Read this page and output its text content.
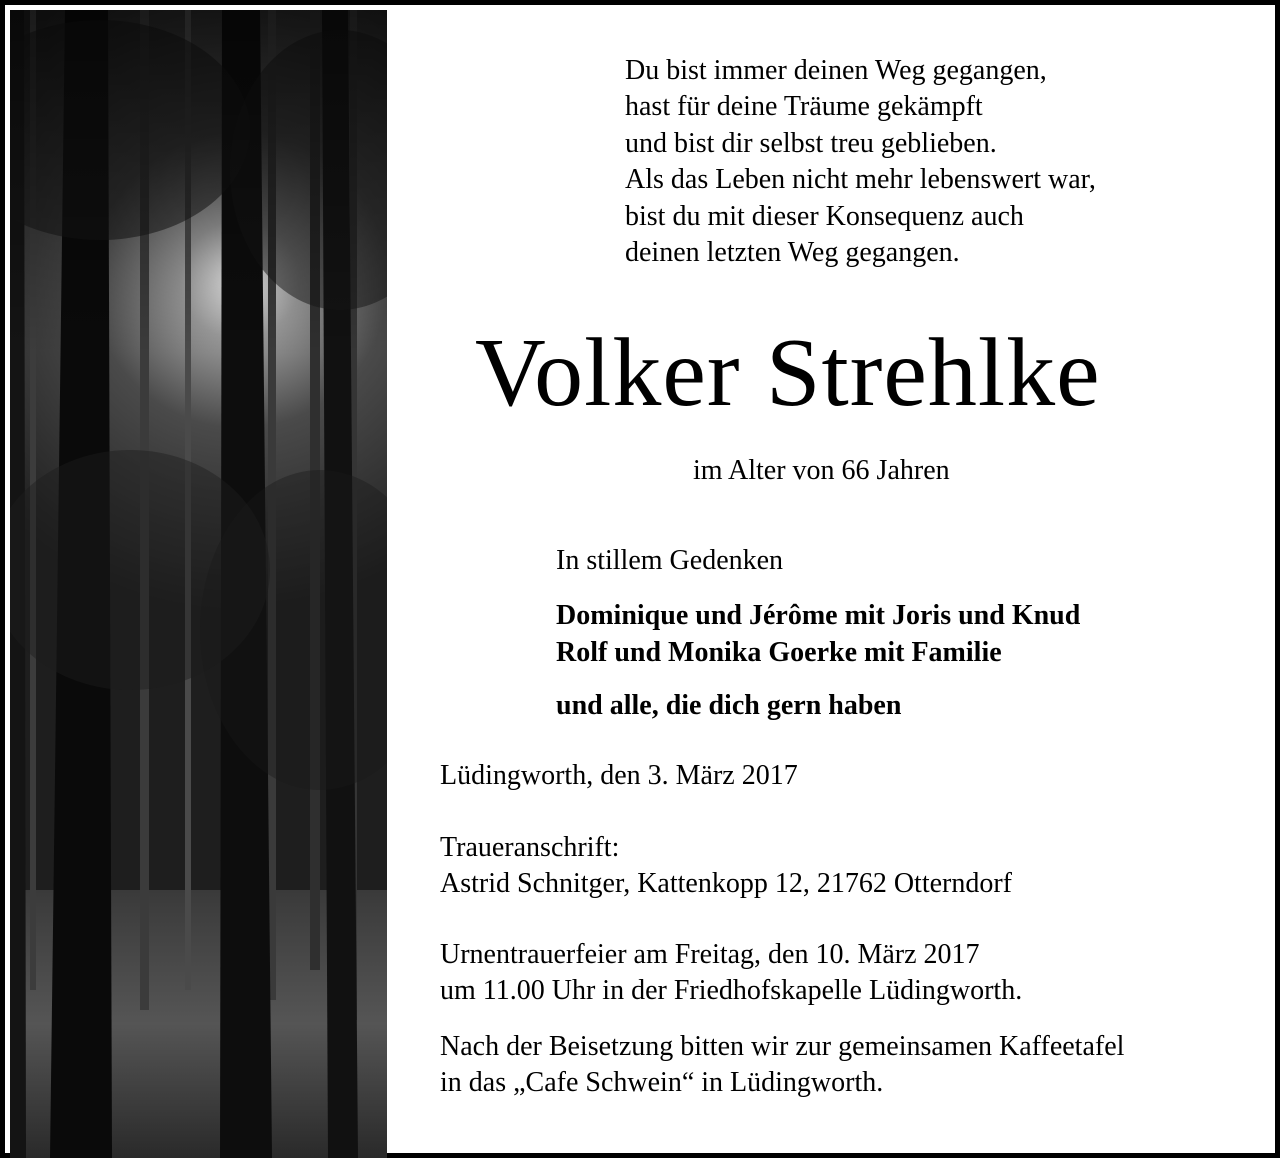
Du bist immer deinen Weg gegangen,
hast für deine Träume gekämpft
und bist dir selbst treu geblieben.
Als das Leben nicht mehr lebenswert war,
bist du mit dieser Konsequenz auch
deinen letzten Weg gegangen.
Volker Strehlke
im Alter von 66 Jahren
In stillem Gedenken
Dominique und Jérôme mit Joris und Knud
Rolf und Monika Goerke mit Familie
und alle, die dich gern haben
Lüdingworth, den 3. März 2017
Traueranschrift:
Astrid Schnitger, Kattenkopp 12, 21762 Otterndorf
Urnentrauerfeier am Freitag, den 10. März 2017
um 11.00 Uhr in der Friedhofskapelle Lüdingworth.
Nach der Beisetzung bitten wir zur gemeinsamen Kaffeetafel
in das „Cafe Schwein“ in Lüdingworth.
